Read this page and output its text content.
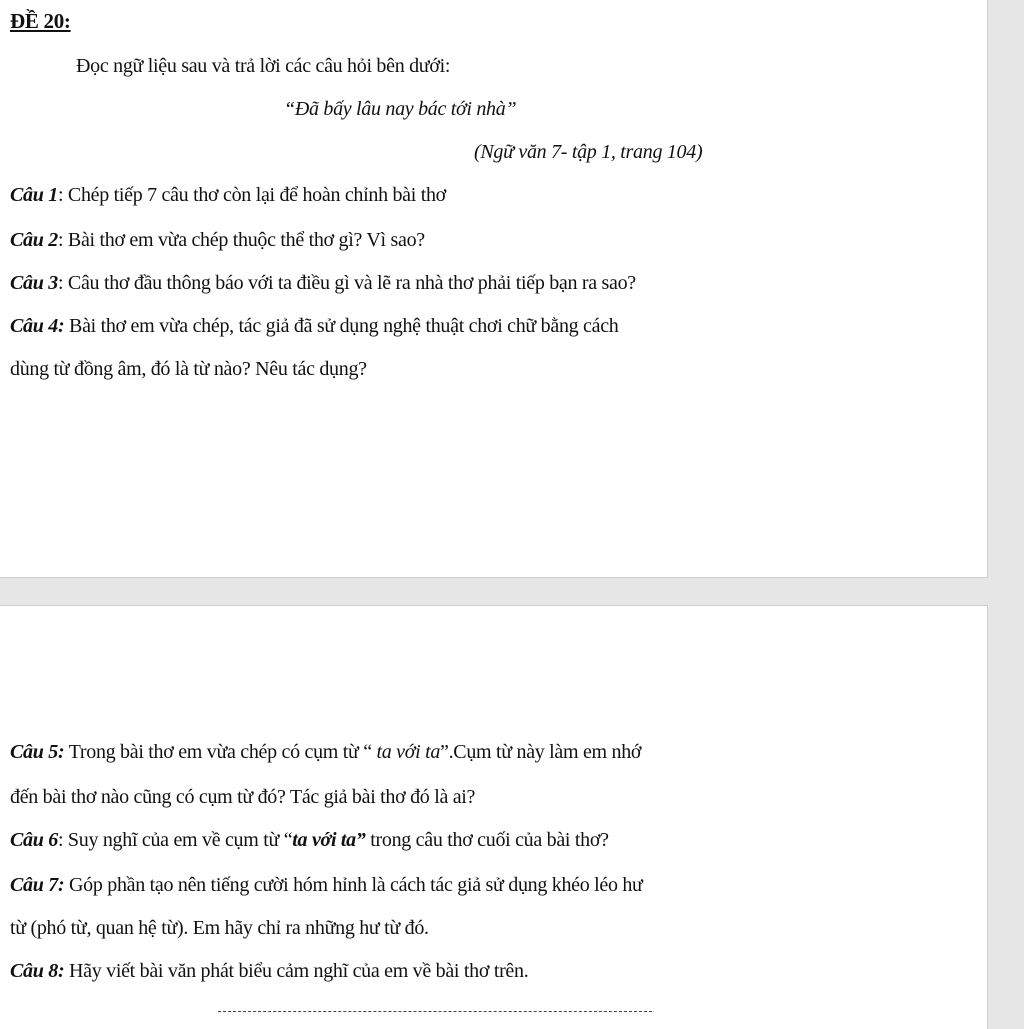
ĐỀ 20:
Đọc ngữ liệu sau và trả lời các câu hỏi bên dưới:
“Đã bấy lâu nay bác tới nhà”
(Ngữ văn 7- tập 1, trang 104)
Câu 1: Chép tiếp 7 câu thơ còn lại để hoàn chỉnh bài thơ
Câu 2: Bài thơ em vừa chép thuộc thể thơ gì? Vì sao?
Câu 3: Câu thơ đầu thông báo với ta điều gì và lẽ ra nhà thơ phải tiếp bạn ra sao?
Câu 4: Bài thơ em vừa chép, tác giả đã sử dụng nghệ thuật chơi chữ bằng cách
dùng từ đồng âm, đó là từ nào? Nêu tác dụng?
Câu 5: Trong bài thơ em vừa chép có cụm từ “ ta với ta”.Cụm từ này làm em nhớ
đến bài thơ nào cũng có cụm từ đó? Tác giả bài thơ đó là ai?
Câu 6: Suy nghĩ của em về cụm từ “ta với ta” trong câu thơ cuối của bài thơ?
Câu 7: Góp phần tạo nên tiếng cười hóm hỉnh là cách tác giả sử dụng khéo léo hư
từ (phó từ, quan hệ từ). Em hãy chỉ ra những hư từ đó.
Câu 8: Hãy viết bài văn phát biểu cảm nghĩ của em về bài thơ trên.
